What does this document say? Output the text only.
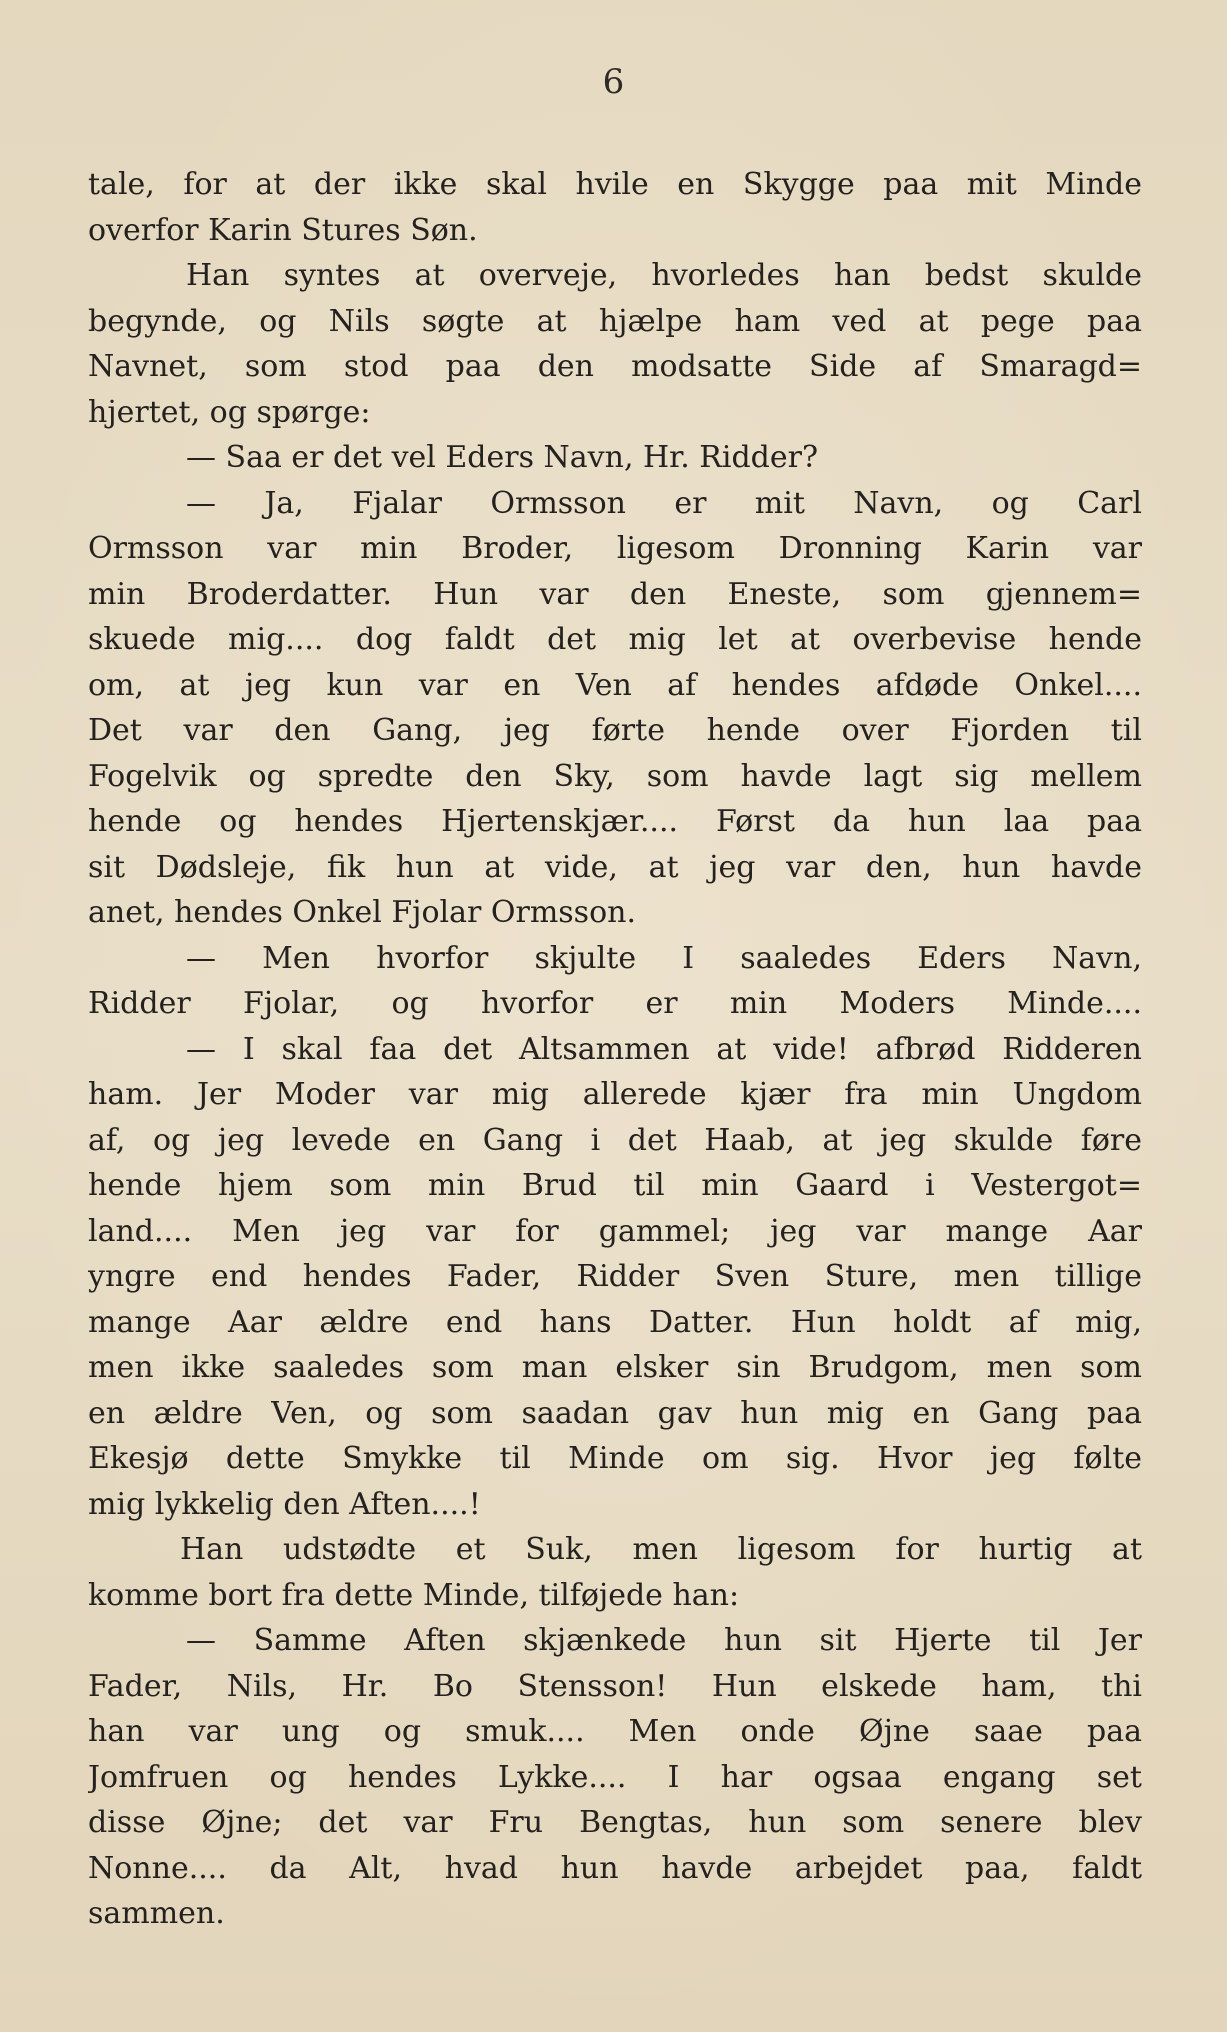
6
tale, for at der ikke skal hvile en Skygge paa mit Minde
overfor Karin Stures Søn.
Han syntes at overveje, hvorledes han bedst skulde
begynde, og Nils søgte at hjælpe ham ved at pege paa
Navnet, som stod paa den modsatte Side af Smaragd=
hjertet, og spørge:
— Saa er det vel Eders Navn, Hr. Ridder?
— Ja, Fjalar Ormsson er mit Navn, og Carl
Ormsson var min Broder, ligesom Dronning Karin var
min Broderdatter. Hun var den Eneste, som gjennem=
skuede mig.... dog faldt det mig let at overbevise hende
om, at jeg kun var en Ven af hendes afdøde Onkel....
Det var den Gang, jeg førte hende over Fjorden til
Fogelvik og spredte den Sky, som havde lagt sig mellem
hende og hendes Hjertenskjær.... Først da hun laa paa
sit Dødsleje, fik hun at vide, at jeg var den, hun havde
anet, hendes Onkel Fjolar Ormsson.
— Men hvorfor skjulte I saaledes Eders Navn,
Ridder Fjolar, og hvorfor er min Moders Minde....
— I skal faa det Altsammen at vide! afbrød Ridderen
ham. Jer Moder var mig allerede kjær fra min Ungdom
af, og jeg levede en Gang i det Haab, at jeg skulde føre
hende hjem som min Brud til min Gaard i Vestergot=
land.... Men jeg var for gammel; jeg var mange Aar
yngre end hendes Fader, Ridder Sven Sture, men tillige
mange Aar ældre end hans Datter. Hun holdt af mig,
men ikke saaledes som man elsker sin Brudgom, men som
en ældre Ven, og som saadan gav hun mig en Gang paa
Ekesjø dette Smykke til Minde om sig. Hvor jeg følte
mig lykkelig den Aften....!
Han udstødte et Suk, men ligesom for hurtig at
komme bort fra dette Minde, tilføjede han:
— Samme Aften skjænkede hun sit Hjerte til Jer
Fader, Nils, Hr. Bo Stensson! Hun elskede ham, thi
han var ung og smuk.... Men onde Øjne saae paa
Jomfruen og hendes Lykke.... I har ogsaa engang set
disse Øjne; det var Fru Bengtas, hun som senere blev
Nonne.... da Alt, hvad hun havde arbejdet paa, faldt
sammen.
